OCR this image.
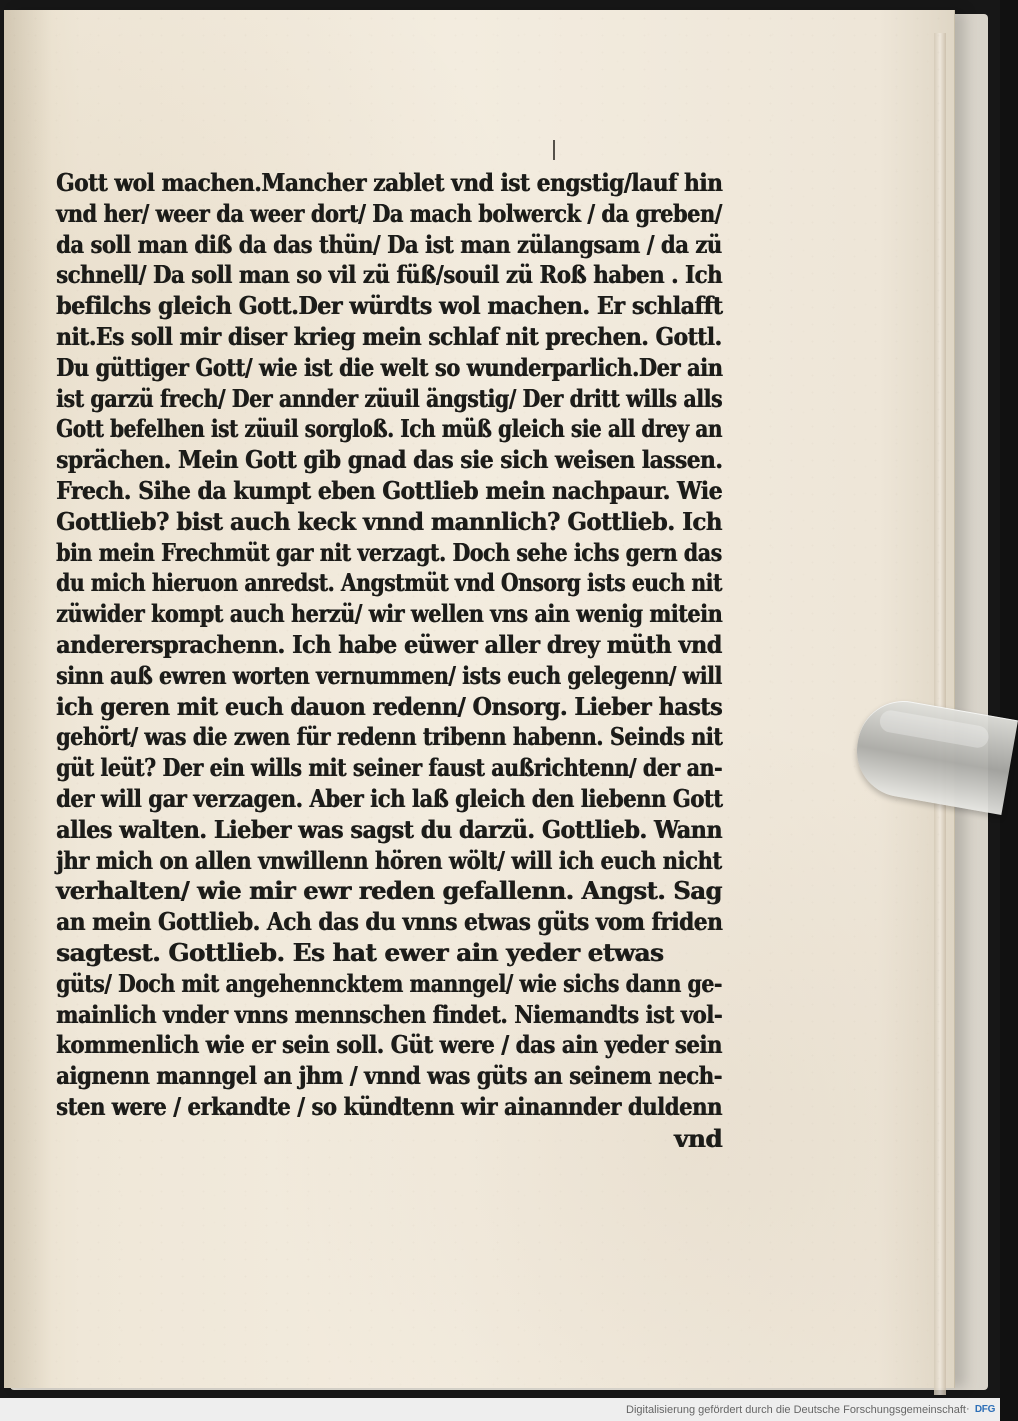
Gott wol machen.Mancher zablet vnd ist engstig/lauf hin
vnd her/ weer da weer dort/ Da mach bolwerck / da greben/
da soll man diß da das thün/ Da ist man zülangsam / da zü
schnell/ Da soll man so vil zü füß/souil zü Roß haben . Ich
befilchs gleich Gott.Der würdts wol machen. Er schlafft
nit.Es soll mir diser krieg mein schlaf nit prechen. Gottl.
Du güttiger Gott/ wie ist die welt so wunderparlich.Der ain
ist garzü frech/ Der annder züuil ängstig/ Der dritt wills alls
Gott befelhen ist züuil sorgloß. Ich müß gleich sie all drey an
sprächen. Mein Gott gib gnad das sie sich weisen lassen.
Frech. Sihe da kumpt eben Gottlieb mein nachpaur. Wie
Gottlieb? bist auch keck vnnd mannlich? Gottlieb. Ich
bin mein Frechmüt gar nit verzagt. Doch sehe ichs gern das
du mich hieruon anredst. Angstmüt vnd Onsorg ists euch nit
züwider kompt auch herzü/ wir wellen vns ain wenig mitein
anderersprachenn. Ich habe eüwer aller drey müth vnd
sinn auß ewren worten vernummen/ ists euch gelegenn/ will
ich geren mit euch dauon redenn/ Onsorg. Lieber hasts
gehört/ was die zwen für redenn tribenn habenn. Seinds nit
güt leüt? Der ein wills mit seiner faust außrichtenn/ der an-
der will gar verzagen. Aber ich laß gleich den liebenn Gott
alles walten. Lieber was sagst du darzü. Gottlieb. Wann
jhr mich on allen vnwillenn hören wölt/ will ich euch nicht
verhalten/ wie mir ewr reden gefallenn. Angst. Sag
an mein Gottlieb. Ach das du vnns etwas güts vom friden
sagtest. Gottlieb. Es hat ewer ain yeder etwas
güts/ Doch mit angehenncktem manngel/ wie sichs dann ge-
mainlich vnder vnns mennschen findet. Niemandts ist vol-
kommenlich wie er sein soll. Güt were / das ain yeder sein
aignenn manngel an jhm / vnnd was güts an seinem nech-
sten were / erkandte / so kündtenn wir ainannder duldenn
vnd
Digitalisierung gefördert durch die Deutsche Forschungsgemeinschaft · DFG
